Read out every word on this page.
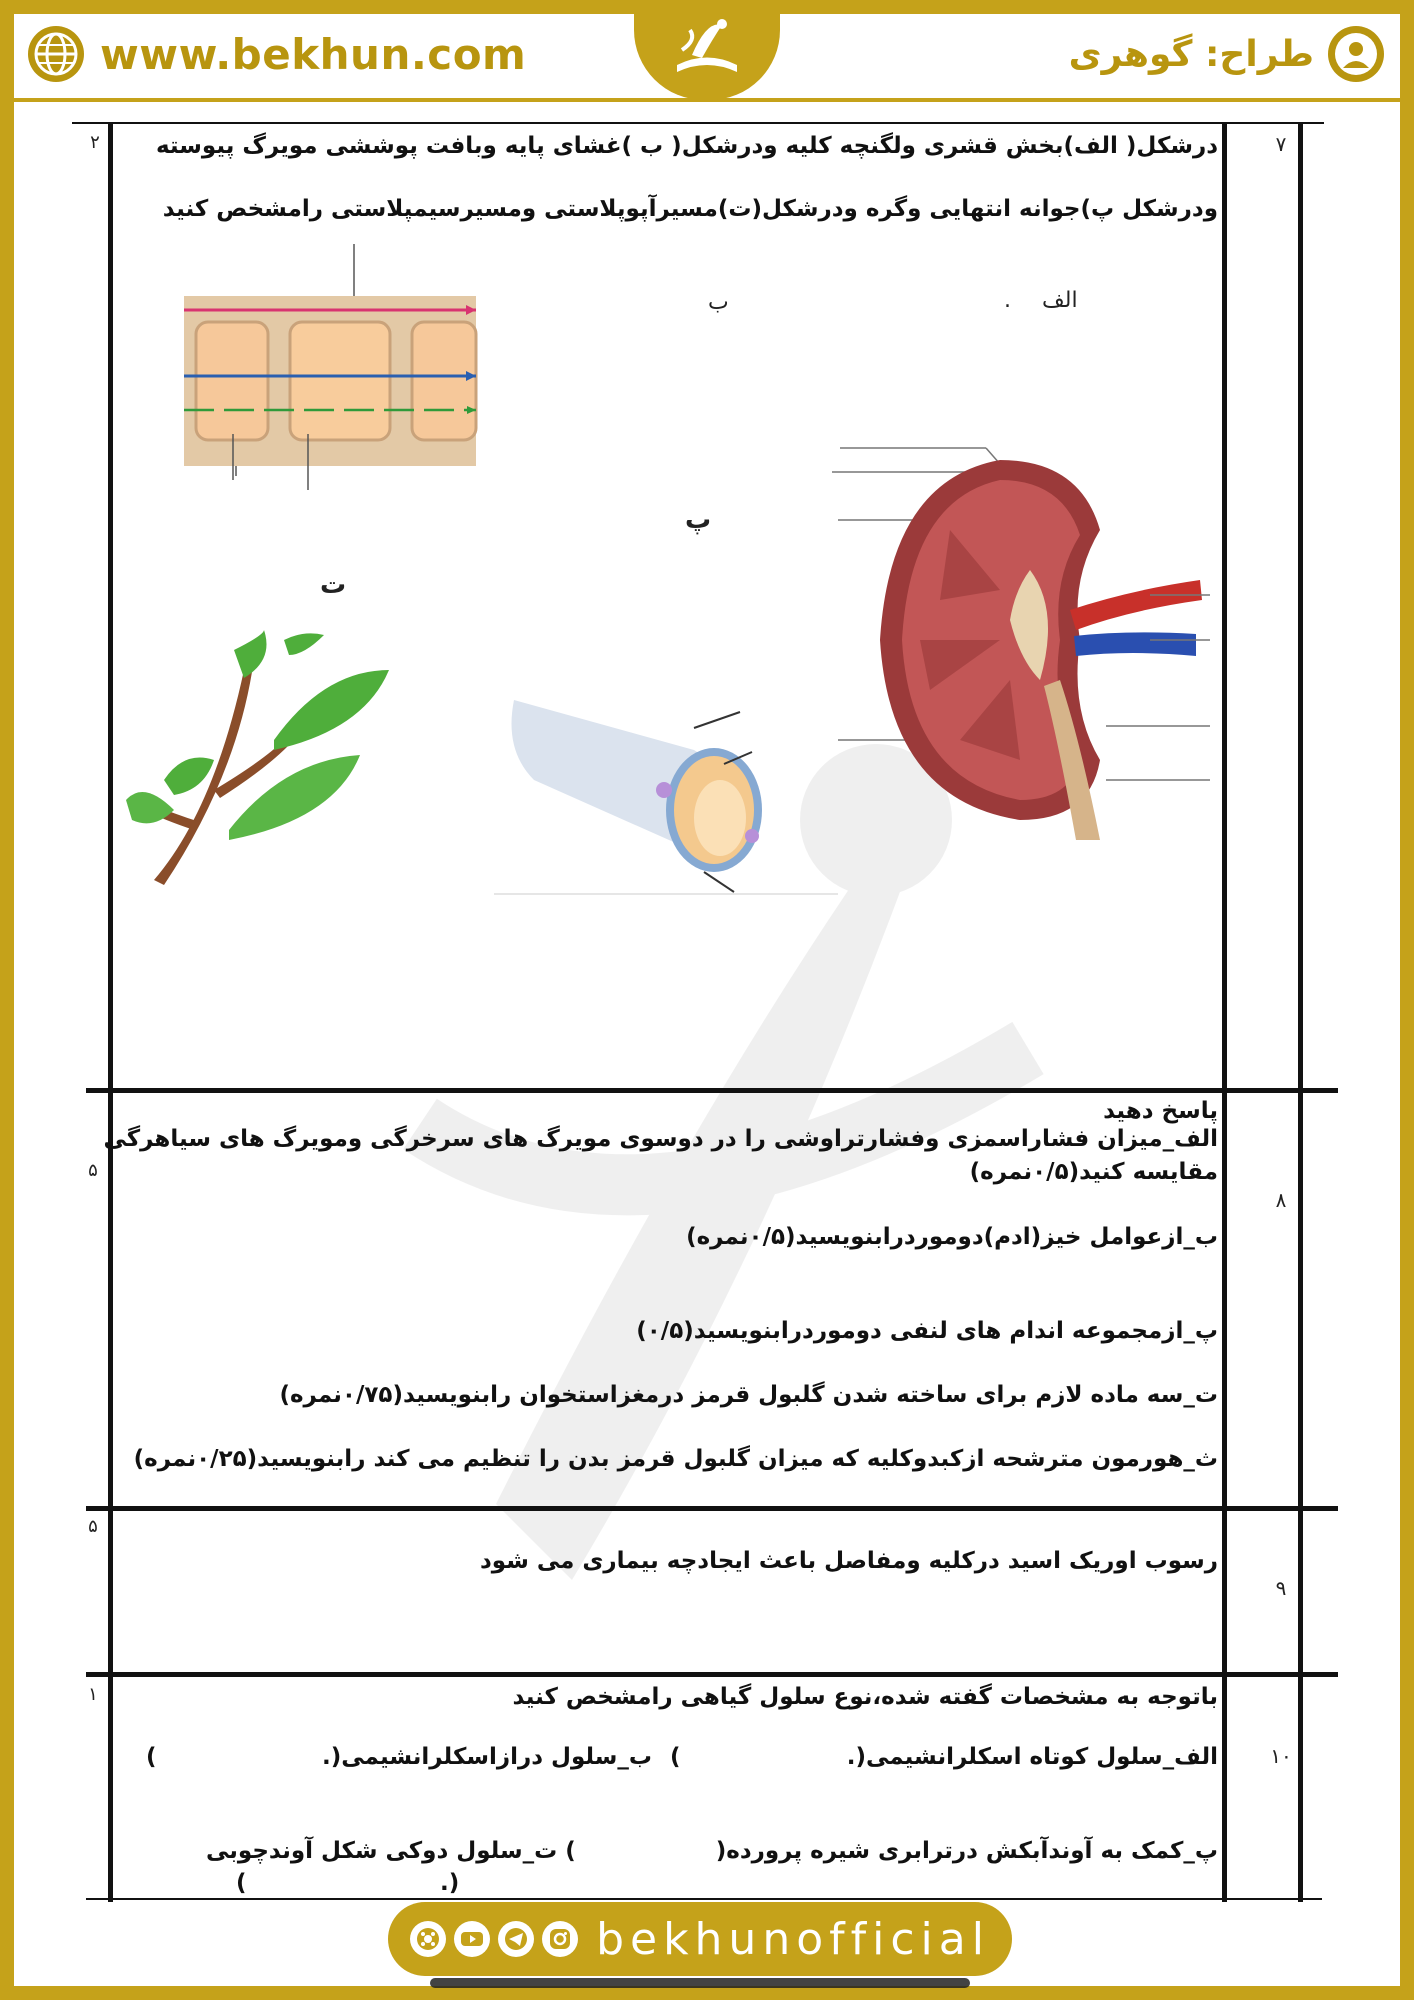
www.bekhun.com	طراح: گوهری
۷
۲ درشکل( الف)بخش قشری ولگنچه کلیه ودرشکل( ب )غشای پایه وبافت پوششی مویرگ پیوسته
ودرشکل پ)جوانه انتهایی وگره ودرشکل(ت)مسیرآپوپلاستی ومسیرسیمپلاستی رامشخص کنید
الف
.
ب
پ
ت
۸
۵
پاسخ دهید
الف_میزان فشاراسمزی وفشارتراوشی را در دوسوی مویرگ های سرخرگی ومویرگ های سیاهرگی
مقایسه کنید(۰/۵نمره)
ب_ازعوامل خیز(ادم)دوموردرابنویسید(۰/۵نمره)
پ_ازمجموعه اندام های لنفی دوموردرابنویسید(۰/۵)
ت_سه ماده لازم برای ساخته شدن گلبول قرمز درمغزاستخوان رابنویسید(۰/۷۵نمره)
ث_هورمون مترشحه ازکبدوکلیه که میزان گلبول قرمز بدن را تنظیم می کند رابنویسید(۰/۲۵نمره)
۹
۵
رسوب اوریک اسید درکلیه ومفاصل باعث ایجادچه بیماری می شود
۱۰
۱	باتوجه به مشخصات گفته شده،نوع سلول گیاهی رامشخص کنید
الف_سلول کوتاه اسکلرانشیمی(.
)
ب_سلول درازاسکلرانشیمی(.
)
پ_کمک به آوندآبکش درترابری شیره پرورده(
) ت_سلول دوکی شکل آوندچوبی
(.
)
bekhunofficial
